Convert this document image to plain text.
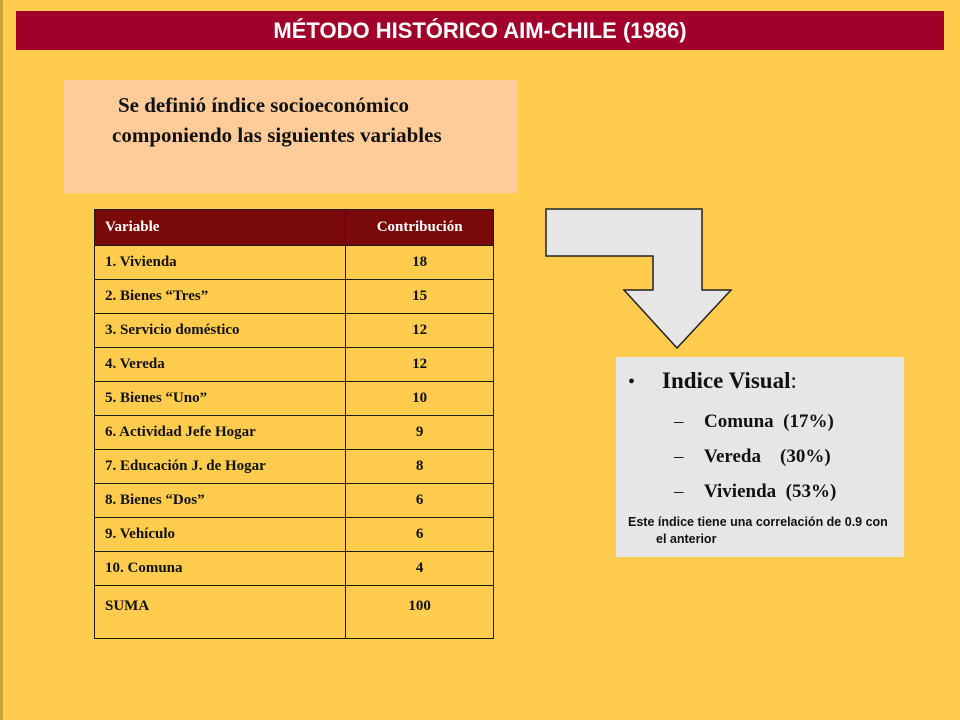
MÉTODO HISTÓRICO AIM-CHILE (1986)
Se definió índice socioeconómico componiendo las siguientes variables
Variable	Contribución
1. Vivienda	18
2. Bienes “Tres”	15
3. Servicio doméstico	12
4. Vereda	12
5. Bienes “Uno”	10
6. Actividad Jefe Hogar	9
7. Educación J. de Hogar	8
8. Bienes “Dos”	6
9. Vehículo	6
10. Comuna	4
SUMA	100
•	Indice Visual :
–	Comuna  (17%)
–	Vereda    (30%)
–	Vivienda  (53%)
Este índice tiene una correlación de 0.9 con el anterior
